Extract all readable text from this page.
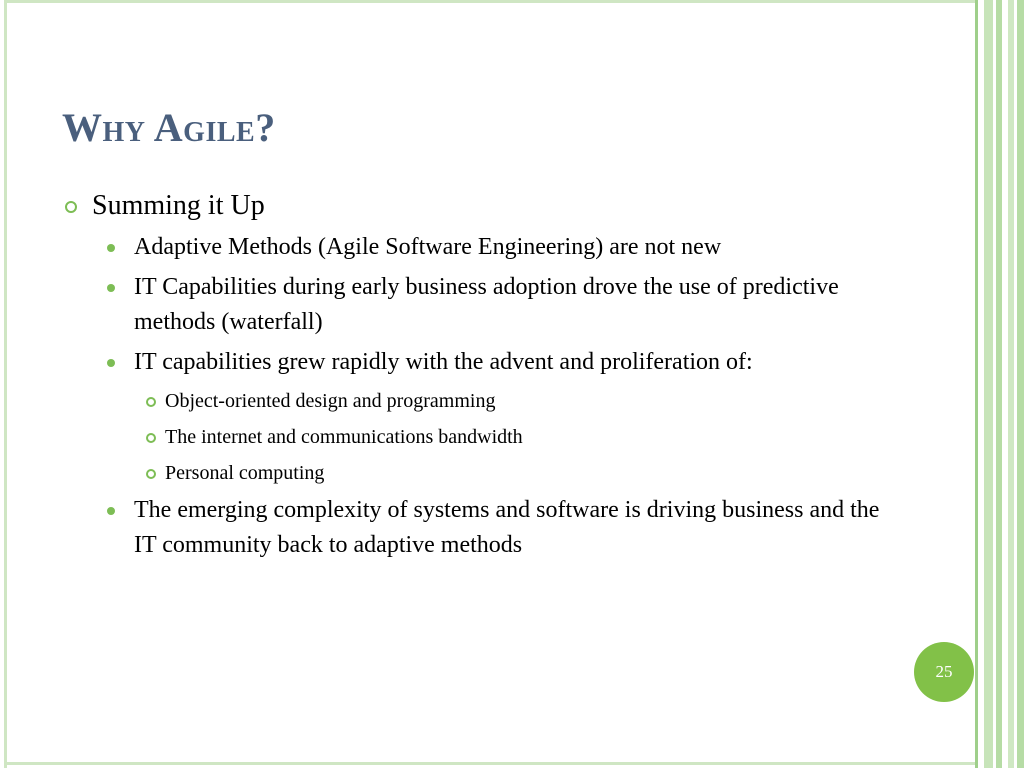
Why Agile?
Summing it Up
Adaptive Methods (Agile Software Engineering) are not new
IT Capabilities during early business adoption drove the use of predictive methods (waterfall)
IT capabilities grew rapidly with the advent and proliferation of:
Object-oriented design and programming
The internet and communications bandwidth
Personal computing
The emerging complexity of systems and software is driving business and the IT community back to adaptive methods
25
